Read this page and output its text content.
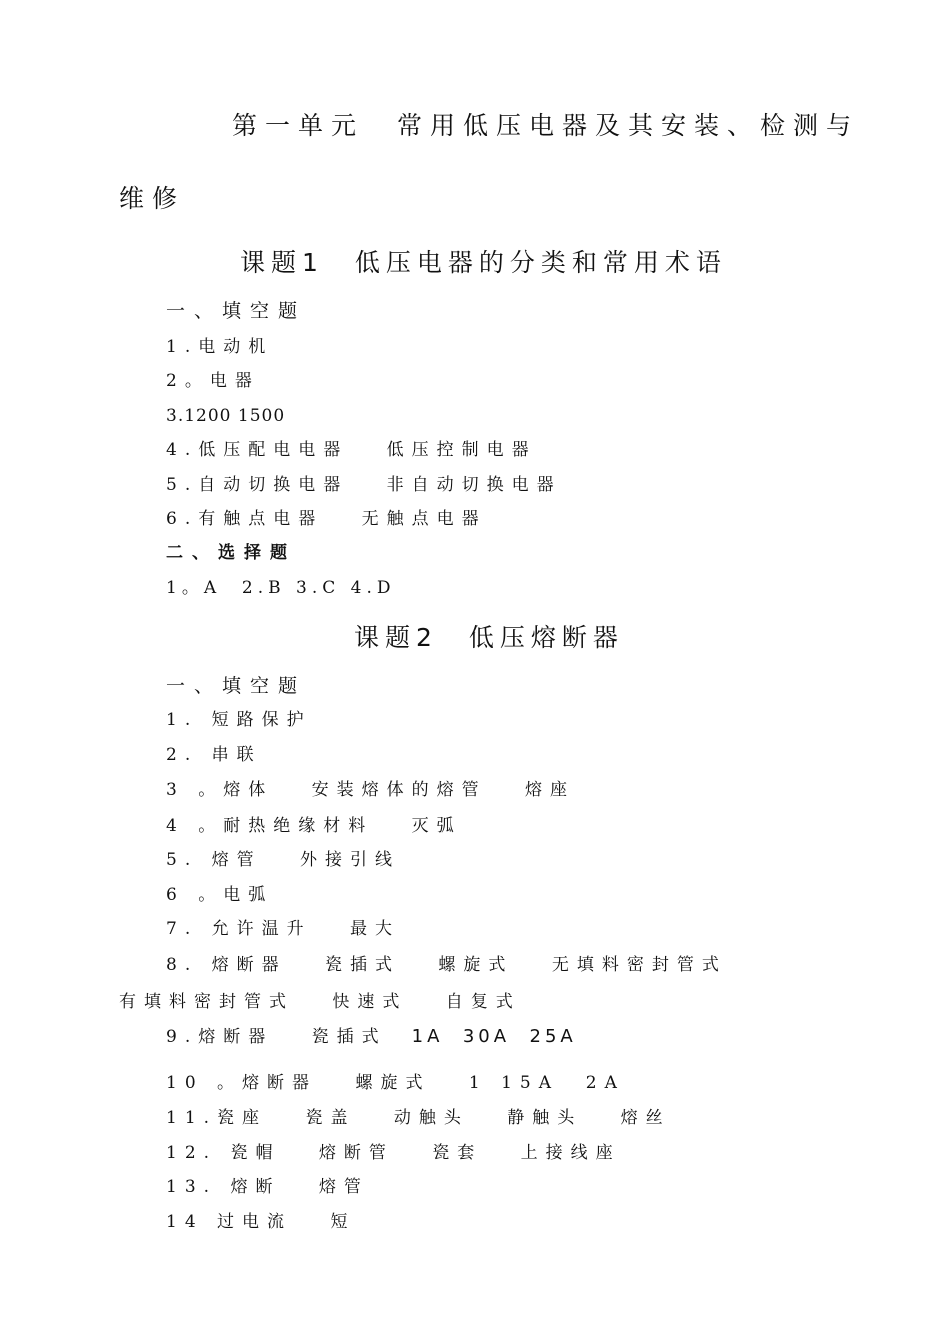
第一单元　常用低压电器及其安装、检测与
维修
课题1　低压电器的分类和常用术语
一、填空题
1.电动机
2。电器
3.1200 1500
4.低压配电电器　 低压控制电器
5.自动切换电器　 非自动切换电器
6.有触点电器　 无触点电器
二、选择题
1。A  2.B 3.C 4.D
课题2　低压熔断器
一、填空题
1. 短路保护
2. 串联
3 。熔体　 安装熔体的熔管　 熔座
4 。耐热绝缘材料　 灭弧
5. 熔管　 外接引线
6 。电弧
7. 允许温升　 最大
8. 熔断器　 瓷插式　 螺旋式　 无填料密封管式
有填料密封管式　 快速式　 自复式
9.熔断器　 瓷插式　1A  30A  25A
10 。熔断器　 螺旋式　 1 15A  2A
11.瓷座　 瓷盖　 动触头　 静触头　 熔丝
12. 瓷帽　 熔断管　 瓷套　 上接线座
13. 熔断　 熔管
14 过电流　 短
